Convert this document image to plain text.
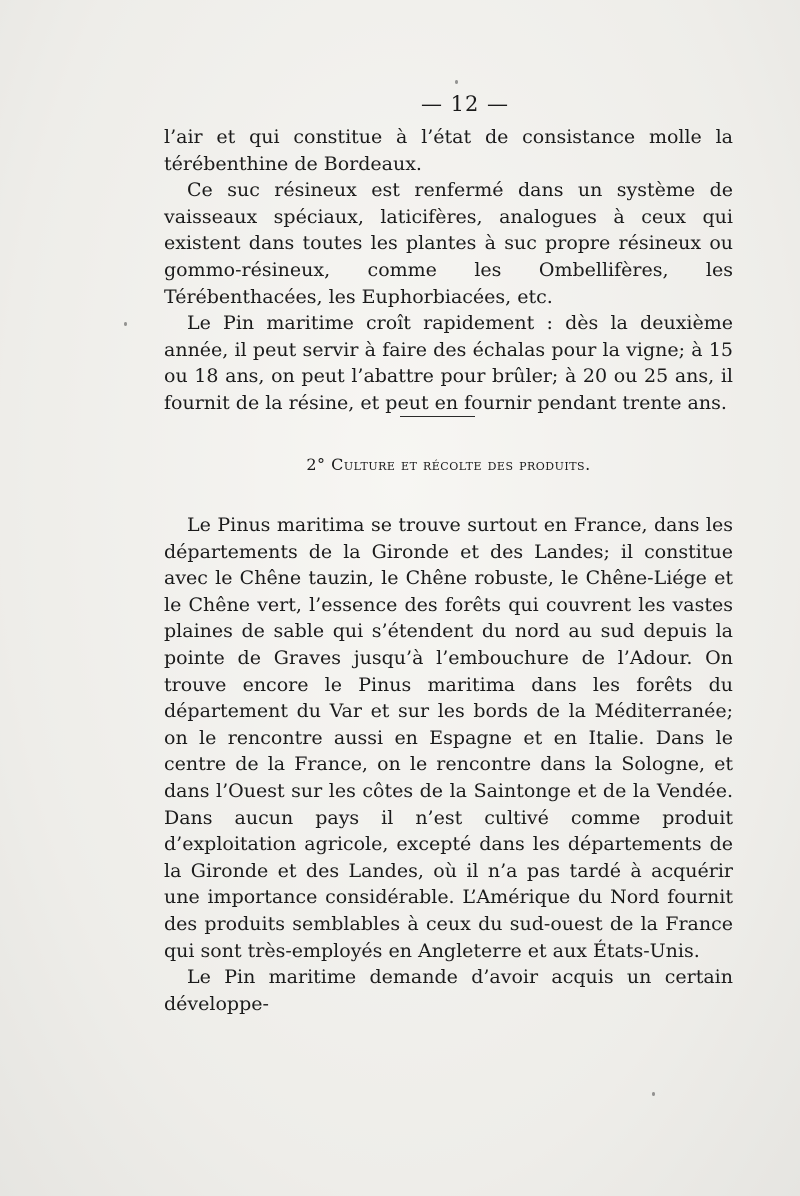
— 12 —

l’air et qui constitue à l’état de consistance molle la térébenthine de Bordeaux.

Ce suc résineux est renfermé dans un système de vaisseaux spéciaux, laticifères, analogues à ceux qui existent dans toutes les plantes à suc propre résineux ou gommo-résineux, comme les Ombellifères, les Térébenthacées, les Euphorbiacées, etc.

Le Pin maritime croît rapidement : dès la deuxième année, il peut servir à faire des échalas pour la vigne; à 15 ou 18 ans, on peut l’abattre pour brûler; à 20 ou 25 ans, il fournit de la résine, et peut en fournir pendant trente ans.

2° Culture et récolte des produits.

Le Pinus maritima se trouve surtout en France, dans les départements de la Gironde et des Landes; il constitue avec le Chêne tauzin, le Chêne robuste, le Chêne-Liége et le Chêne vert, l’essence des forêts qui couvrent les vastes plaines de sable qui s’étendent du nord au sud depuis la pointe de Graves jusqu’à l’embouchure de l’Adour. On trouve encore le Pinus maritima dans les forêts du département du Var et sur les bords de la Méditerranée; on le rencontre aussi en Espagne et en Italie. Dans le centre de la France, on le rencontre dans la Sologne, et dans l’Ouest sur les côtes de la Saintonge et de la Vendée. Dans aucun pays il n’est cultivé comme produit d’exploitation agricole, excepté dans les départements de la Gironde et des Landes, où il n’a pas tardé à acquérir une importance considérable. L’Amérique du Nord fournit des produits semblables à ceux du sud-ouest de la France qui sont très-employés en Angleterre et aux États-Unis.

Le Pin maritime demande d’avoir acquis un certain développe-
